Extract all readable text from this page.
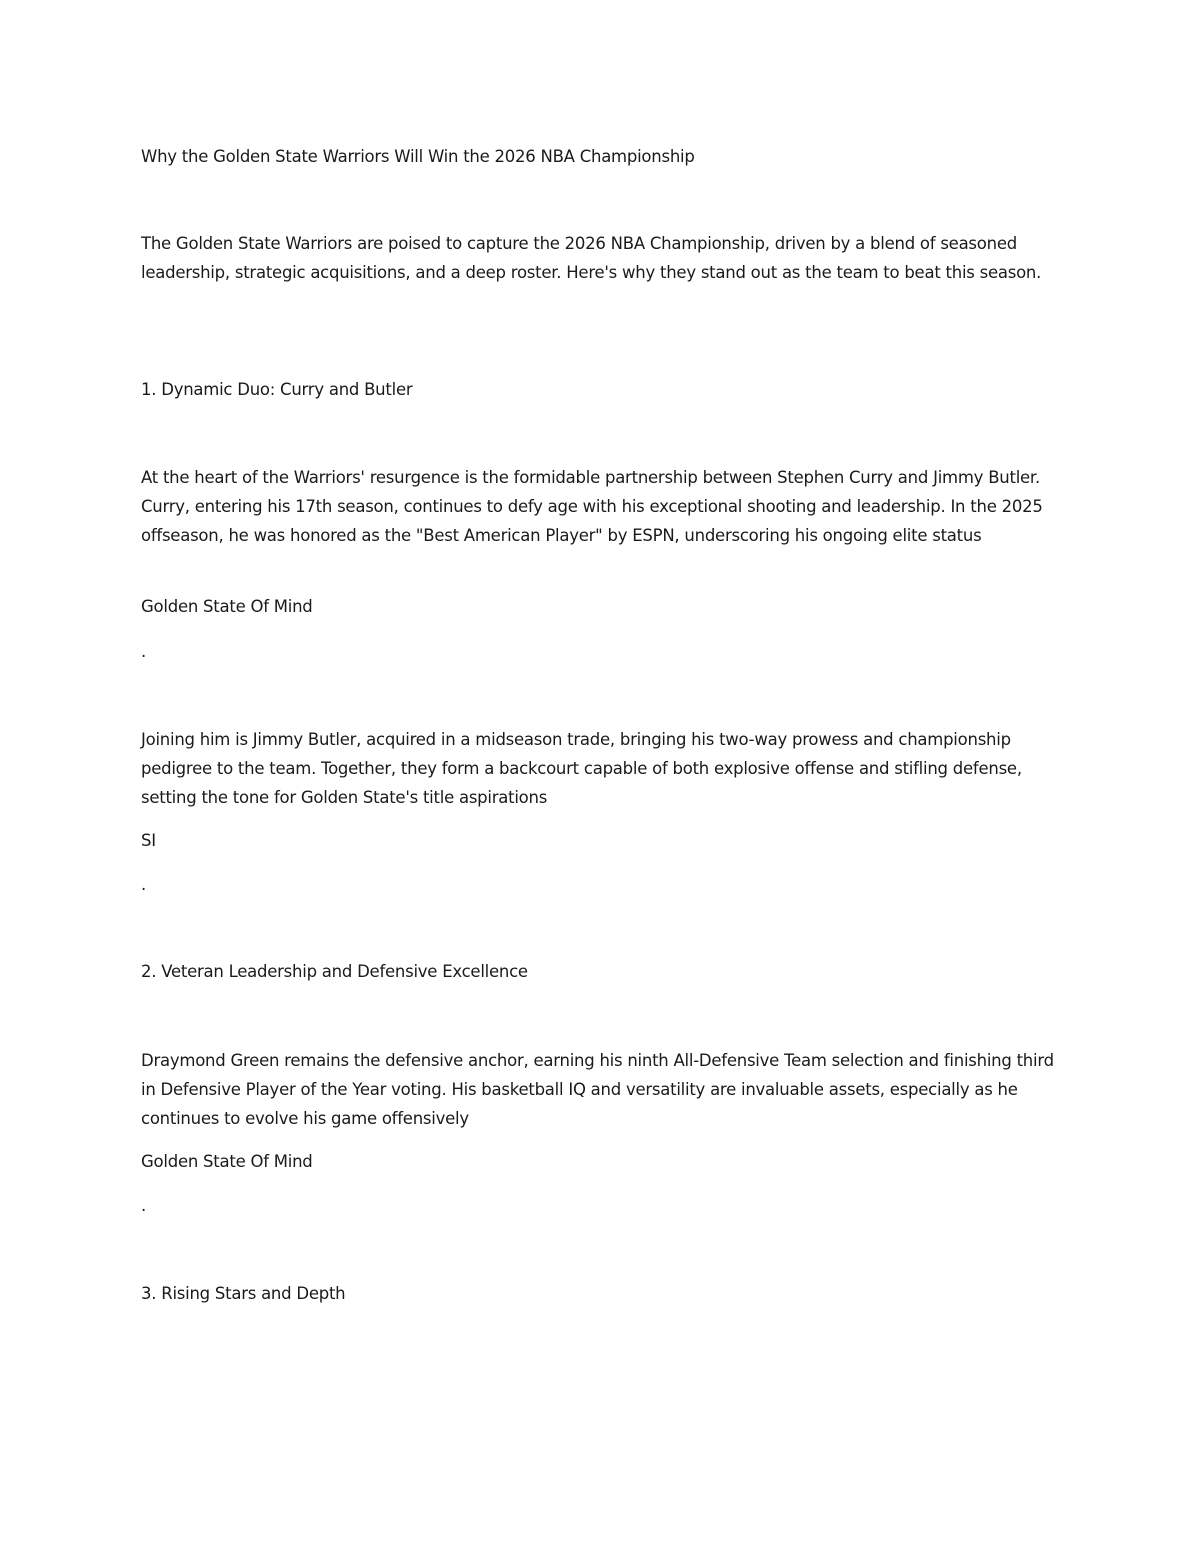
Why the Golden State Warriors Will Win the 2026 NBA Championship

The Golden State Warriors are poised to capture the 2026 NBA Championship, driven by a blend of seasoned leadership, strategic acquisitions, and a deep roster. Here's why they stand out as the team to beat this season.

1. Dynamic Duo: Curry and Butler

At the heart of the Warriors' resurgence is the formidable partnership between Stephen Curry and Jimmy Butler. Curry, entering his 17th season, continues to defy age with his exceptional shooting and leadership. In the 2025 offseason, he was honored as the "Best American Player" by ESPN, underscoring his ongoing elite status

Golden State Of Mind

.

Joining him is Jimmy Butler, acquired in a midseason trade, bringing his two-way prowess and championship pedigree to the team. Together, they form a backcourt capable of both explosive offense and stifling defense, setting the tone for Golden State's title aspirations

SI

.

2. Veteran Leadership and Defensive Excellence

Draymond Green remains the defensive anchor, earning his ninth All-Defensive Team selection and finishing third in Defensive Player of the Year voting. His basketball IQ and versatility are invaluable assets, especially as he continues to evolve his game offensively

Golden State Of Mind

.

3. Rising Stars and Depth
